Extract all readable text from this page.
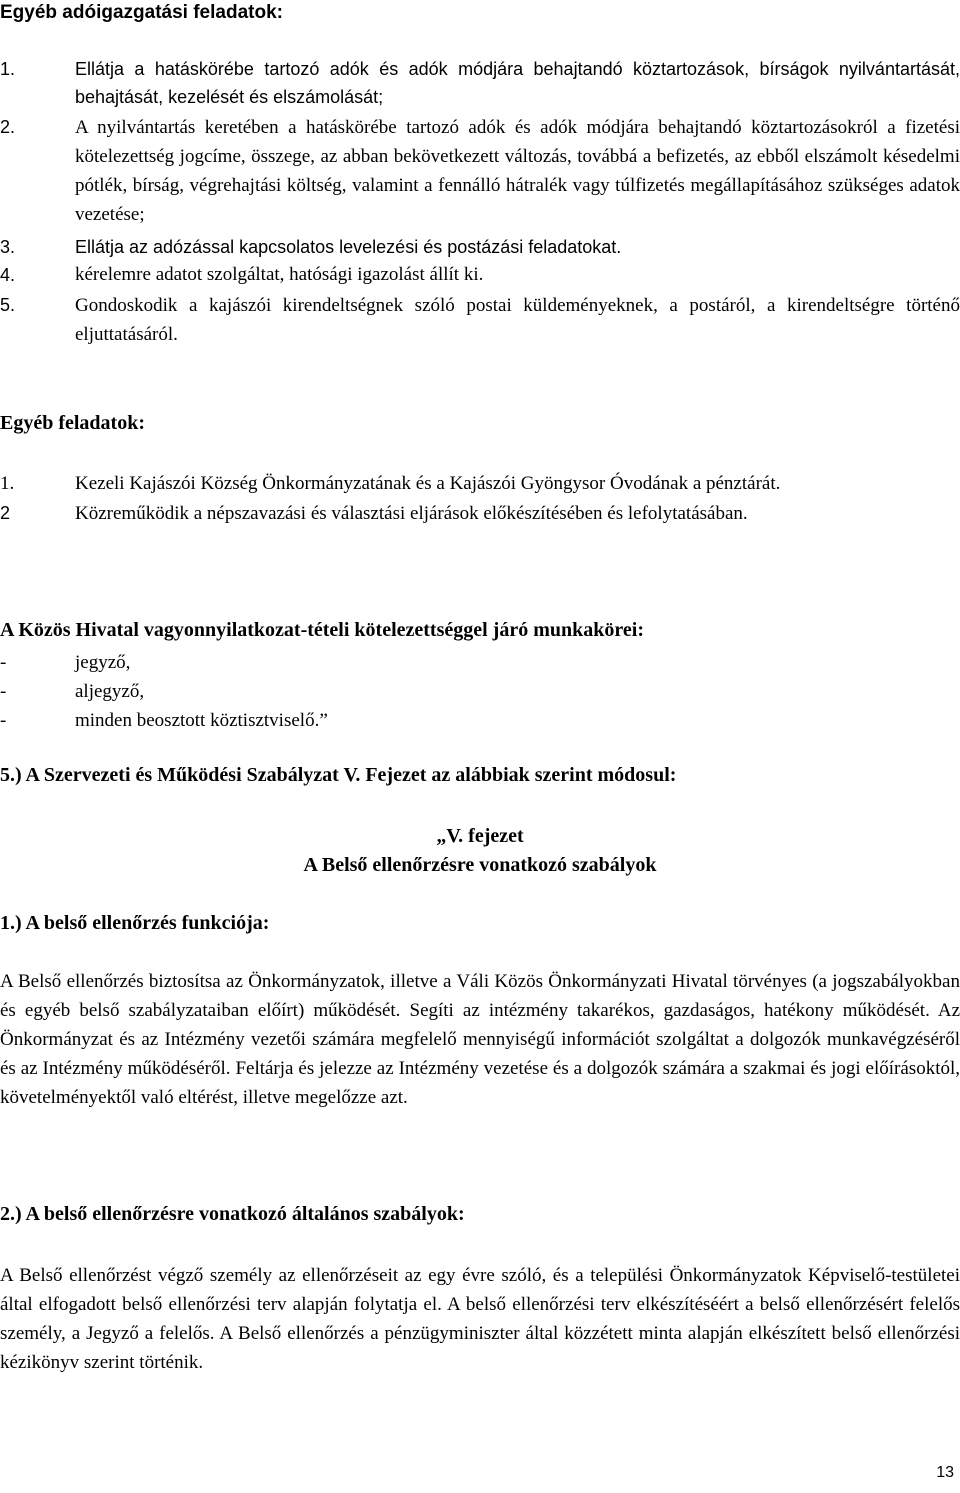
Egyéb adóigazgatási feladatok:
1.	Ellátja a hatáskörébe tartozó adók és adók módjára behajtandó köztartozások, bírságok nyilvántartását, behajtását, kezelését és elszámolását;
2.	A nyilvántartás keretében a hatáskörébe tartozó adók és adók módjára behajtandó köztartozásokról a fizetési kötelezettség jogcíme, összege, az abban bekövetkezett változás, továbbá a befizetés, az ebből elszámolt késedelmi pótlék, bírság, végrehajtási költség, valamint a fennálló hátralék vagy túlfizetés megállapításához szükséges adatok vezetése;
3.	Ellátja az adózással kapcsolatos levelezési és postázási feladatokat.
4.	kérelemre adatot szolgáltat, hatósági igazolást állít ki.
5.	Gondoskodik a kajászói kirendeltségnek szóló postai küldeményeknek, a postáról, a kirendeltségre történő eljuttatásáról.
Egyéb feladatok:
1.	Kezeli Kajászói Község Önkormányzatának és a Kajászói Gyöngysor Óvodának a pénztárát.
2	Közreműködik a népszavazási és választási eljárások előkészítésében és lefolytatásában.
A Közös Hivatal vagyonnyilatkozat-tételi kötelezettséggel járó munkakörei:
-	jegyző,
-	aljegyző,
-	minden beosztott köztisztviselő.”
5.) A Szervezeti és Működési Szabályzat V. Fejezet az alábbiak szerint módosul:
„V. fejezet
A Belső ellenőrzésre vonatkozó szabályok
1.) A belső ellenőrzés funkciója:

A Belső ellenőrzés biztosítsa az Önkormányzatok, illetve a Váli Közös Önkormányzati Hivatal törvényes (a jogszabályokban és egyéb belső szabályzataiban előírt) működését. Segíti az intézmény takarékos, gazdaságos, hatékony működését. Az Önkormányzat és az Intézmény vezetői számára megfelelő mennyiségű információt szolgáltat a dolgozók munkavégzéséről és az Intézmény működéséről. Feltárja és jelezze az Intézmény vezetése és a dolgozók számára a szakmai és jogi előírásoktól, követelményektől való eltérést, illetve megelőzze azt.

2.) A belső ellenőrzésre vonatkozó általános szabályok:

A Belső ellenőrzést végző személy az ellenőrzéseit az egy évre szóló, és a települési Önkormányzatok Képviselő-testületei által elfogadott belső ellenőrzési terv alapján folytatja el. A belső ellenőrzési terv elkészítéséért a belső ellenőrzésért felelős személy, a Jegyző a felelős. A Belső ellenőrzés a pénzügyminiszter által közzétett minta alapján elkészített belső ellenőrzési kézikönyv szerint történik.

13
